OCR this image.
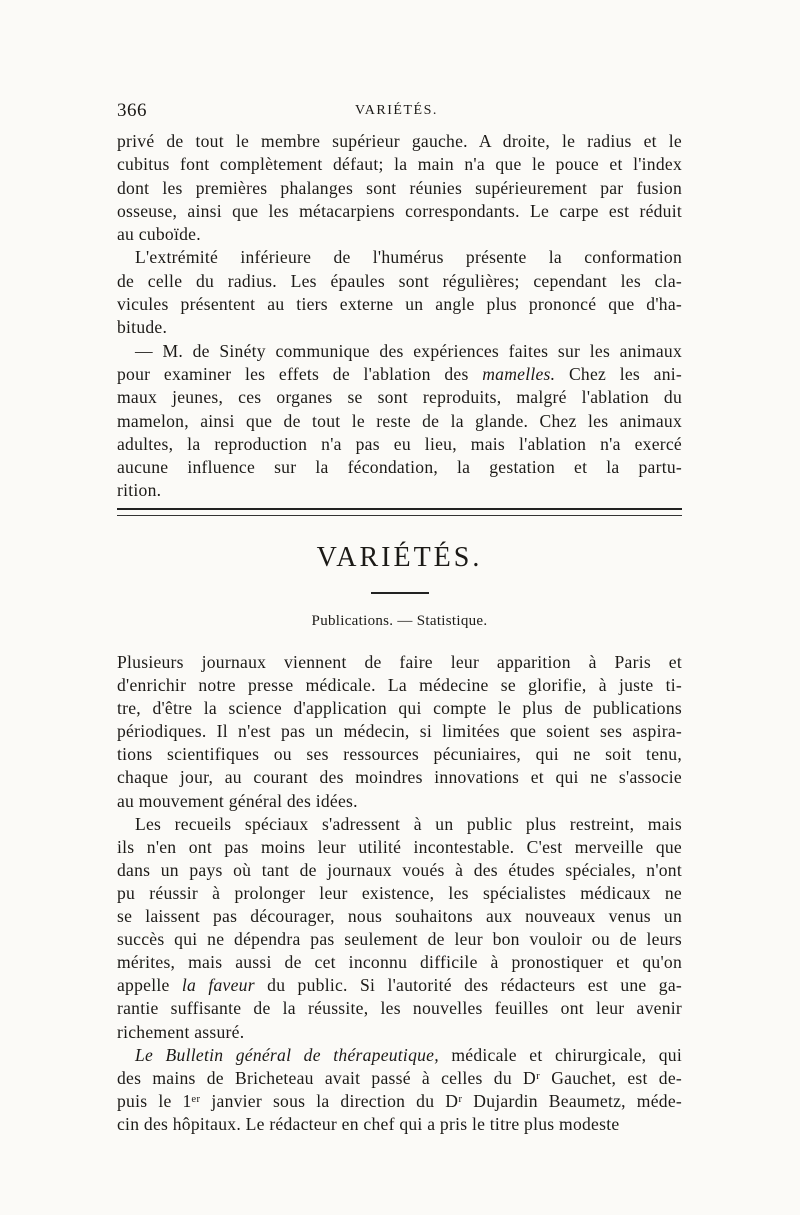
366	VARIÉTÉS.
privé de tout le membre supérieur gauche. A droite, le radius et le
cubitus font complètement défaut; la main n'a que le pouce et l'index
dont les premières phalanges sont réunies supérieurement par fusion
osseuse, ainsi que les métacarpiens correspondants. Le carpe est réduit
au cuboïde.
L'extrémité inférieure de l'humérus présente la conformation
de celle du radius. Les épaules sont régulières; cependant les cla-
vicules présentent au tiers externe un angle plus prononcé que d'ha-
bitude.
— M. de Sinéty communique des expériences faites sur les animaux
pour examiner les effets de l'ablation des mamelles. Chez les ani-
maux jeunes, ces organes se sont reproduits, malgré l'ablation du
mamelon, ainsi que de tout le reste de la glande. Chez les animaux
adultes, la reproduction n'a pas eu lieu, mais l'ablation n'a exercé
aucune influence sur la fécondation, la gestation et la partu-
rition.
VARIÉTÉS.
Publications. — Statistique.
Plusieurs journaux viennent de faire leur apparition à Paris et
d'enrichir notre presse médicale. La médecine se glorifie, à juste ti-
tre, d'être la science d'application qui compte le plus de publications
périodiques. Il n'est pas un médecin, si limitées que soient ses aspira-
tions scientifiques ou ses ressources pécuniaires, qui ne soit tenu,
chaque jour, au courant des moindres innovations et qui ne s'associe
au mouvement général des idées.
Les recueils spéciaux s'adressent à un public plus restreint, mais
ils n'en ont pas moins leur utilité incontestable. C'est merveille que
dans un pays où tant de journaux voués à des études spéciales, n'ont
pu réussir à prolonger leur existence, les spécialistes médicaux ne
se laissent pas décourager, nous souhaitons aux nouveaux venus un
succès qui ne dépendra pas seulement de leur bon vouloir ou de leurs
mérites, mais aussi de cet inconnu difficile à pronostiquer et qu'on
appelle la faveur du public. Si l'autorité des rédacteurs est une ga-
rantie suffisante de la réussite, les nouvelles feuilles ont leur avenir
richement assuré.
Le Bulletin général de thérapeutique, médicale et chirurgicale, qui
des mains de Bricheteau avait passé à celles du Dʳ Gauchet, est de-
puis le 1ᵉʳ janvier sous la direction du Dʳ Dujardin Beaumetz, méde-
cin des hôpitaux. Le rédacteur en chef qui a pris le titre plus modeste
